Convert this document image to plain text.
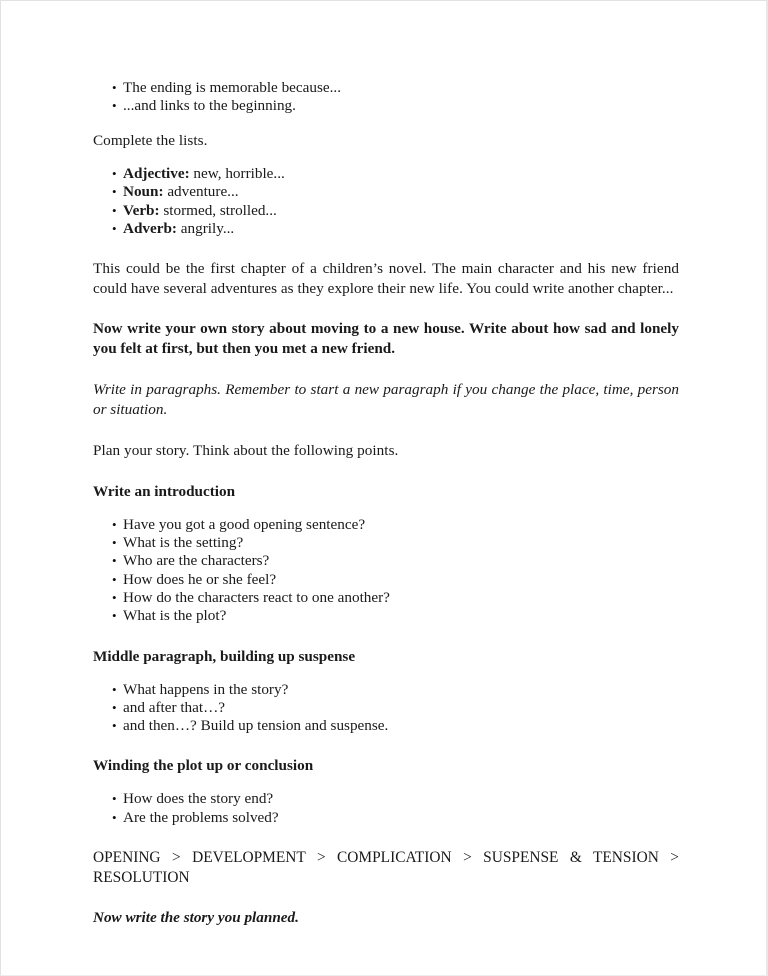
• The ending is memorable because...
• ...and links to the beginning.

Complete the lists.

• Adjective: new, horrible...
• Noun: adventure...
• Verb: stormed, strolled...
• Adverb: angrily...

This could be the first chapter of a children’s novel. The main character and his new friend could have several adventures as they explore their new life. You could write another chapter...

Now write your own story about moving to a new house. Write about how sad and lonely you felt at first, but then you met a new friend.

Write in paragraphs. Remember to start a new paragraph if you change the place, time, person or situation.

Plan your story. Think about the following points.

Write an introduction

• Have you got a good opening sentence?
• What is the setting?
• Who are the characters?
• How does he or she feel?
• How do the characters react to one another?
• What is the plot?

Middle paragraph, building up suspense

• What happens in the story?
• and after that…?
• and then…? Build up tension and suspense.

Winding the plot up or conclusion

• How does the story end?
• Are the problems solved?

OPENING > DEVELOPMENT > COMPLICATION > SUSPENSE & TENSION > RESOLUTION

Now write the story you planned.
